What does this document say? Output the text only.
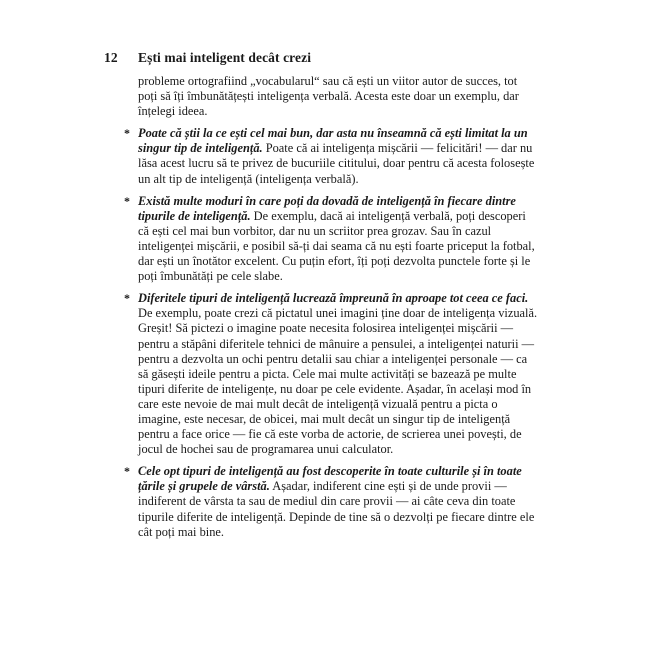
12 Ești mai inteligent decât crezi

probleme ortografiind „vocabularul“ sau că ești un viitor autor de succes, tot poți să îți îmbunătățești inteligența verbală. Acesta este doar un exemplu, dar înțelegi ideea.

* Poate că știi la ce ești cel mai bun, dar asta nu înseamnă că ești limitat la un singur tip de inteligență. Poate că ai inteligența mișcării — felicitări! — dar nu lăsa acest lucru să te privez de bucuriile cititului, doar pentru că acesta folosește un alt tip de inteligență (inteligența verbală).
* Există multe moduri în care poți da dovadă de inteligență în fiecare dintre tipurile de inteligență. De exemplu, dacă ai inteligență verbală, poți descoperi că ești cel mai bun vorbitor, dar nu un scriitor prea grozav. Sau în cazul inteligenței mișcării, e posibil să-ți dai seama că nu ești foarte priceput la fotbal, dar ești un înotător excelent. Cu puțin efort, îți poți dezvolta punctele forte și le poți îmbunătăți pe cele slabe.
* Diferitele tipuri de inteligență lucrează împreună în aproape tot ceea ce faci. De exemplu, poate crezi că pictatul unei imagini ține doar de inteligența vizuală. Greșit! Să pictezi o imagine poate necesita folosirea inteligenței mișcării — pentru a stăpâni diferitele tehnici de mânuire a pensulei, a inteligenței naturii — pentru a dezvolta un ochi pentru detalii sau chiar a inteligenței personale — ca să găsești ideile pentru a picta. Cele mai multe activități se bazează pe multe tipuri diferite de inteligențe, nu doar pe cele evidente. Așadar, în același mod în care este nevoie de mai mult decât de inteligență vizuală pentru a picta o imagine, este necesar, de obicei, mai mult decât un singur tip de inteligență pentru a face orice — fie că este vorba de actorie, de scrierea unei povești, de jocul de hochei sau de programarea unui calculator.
* Cele opt tipuri de inteligență au fost descoperite în toate culturile și în toate țările și grupele de vârstă. Așadar, indiferent cine ești și de unde provii — indiferent de vârsta ta sau de mediul din care provii — ai câte ceva din toate tipurile diferite de inteligență. Depinde de tine să o dezvolți pe fiecare dintre ele cât poți mai bine.
